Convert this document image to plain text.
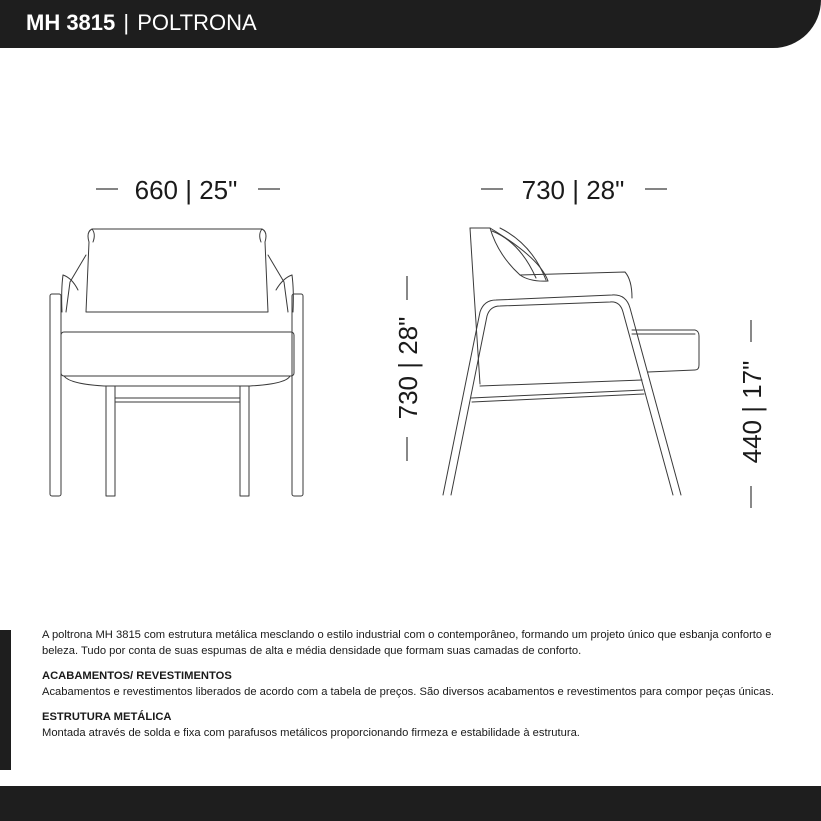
MH 3815 | POLTRONA
660 | 25"	730 | 28"
730 | 28"	440 | 17"

A poltrona MH 3815 com estrutura metálica mesclando o estilo industrial com o contemporâneo, formando um projeto único que esbanja conforto e beleza. Tudo por conta de suas espumas de alta e média densidade que formam suas camadas de conforto.

ACABAMENTOS/ REVESTIMENTOS

Acabamentos e revestimentos liberados de acordo com a tabela de preços. São diversos acabamentos e revestimentos para compor peças únicas.

ESTRUTURA METÁLICA

Montada através de solda e fixa com parafusos metálicos proporcionando firmeza e estabilidade à estrutura.
